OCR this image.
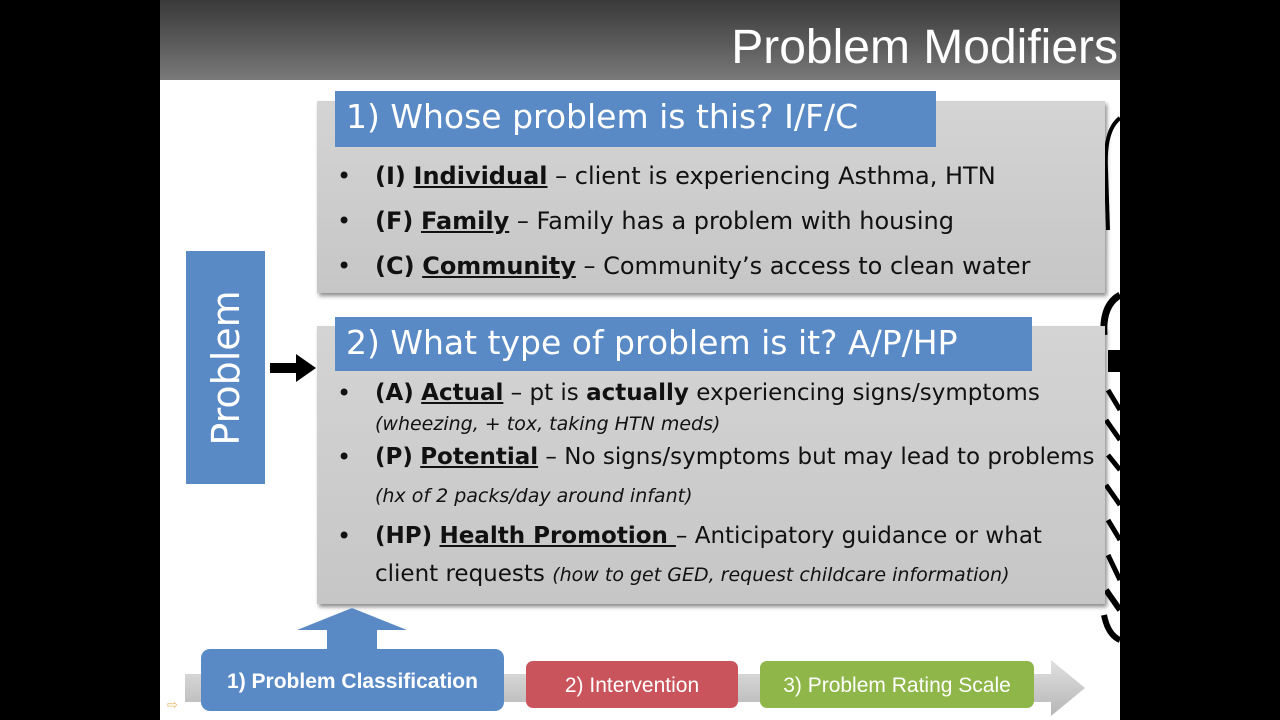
Problem Modifiers
1) Whose problem is this? I/F/C
• (I) Individual – client is experiencing Asthma, HTN
• (F) Family – Family has a problem with housing
• (C) Community – Community’s access to clean water
2) What type of problem is it? A/P/HP
• (A) Actual – pt is actually experiencing signs/symptoms
(wheezing, + tox, taking HTN meds)
• (P) Potential – No signs/symptoms but may lead to problems (hx of 2 packs/day around infant)
• (HP) Health Promotion – Anticipatory guidance or what client requests (how to get GED, request childcare information)
Problem
1) Problem Classification	2) Intervention	3) Problem Rating Scale
⇨
